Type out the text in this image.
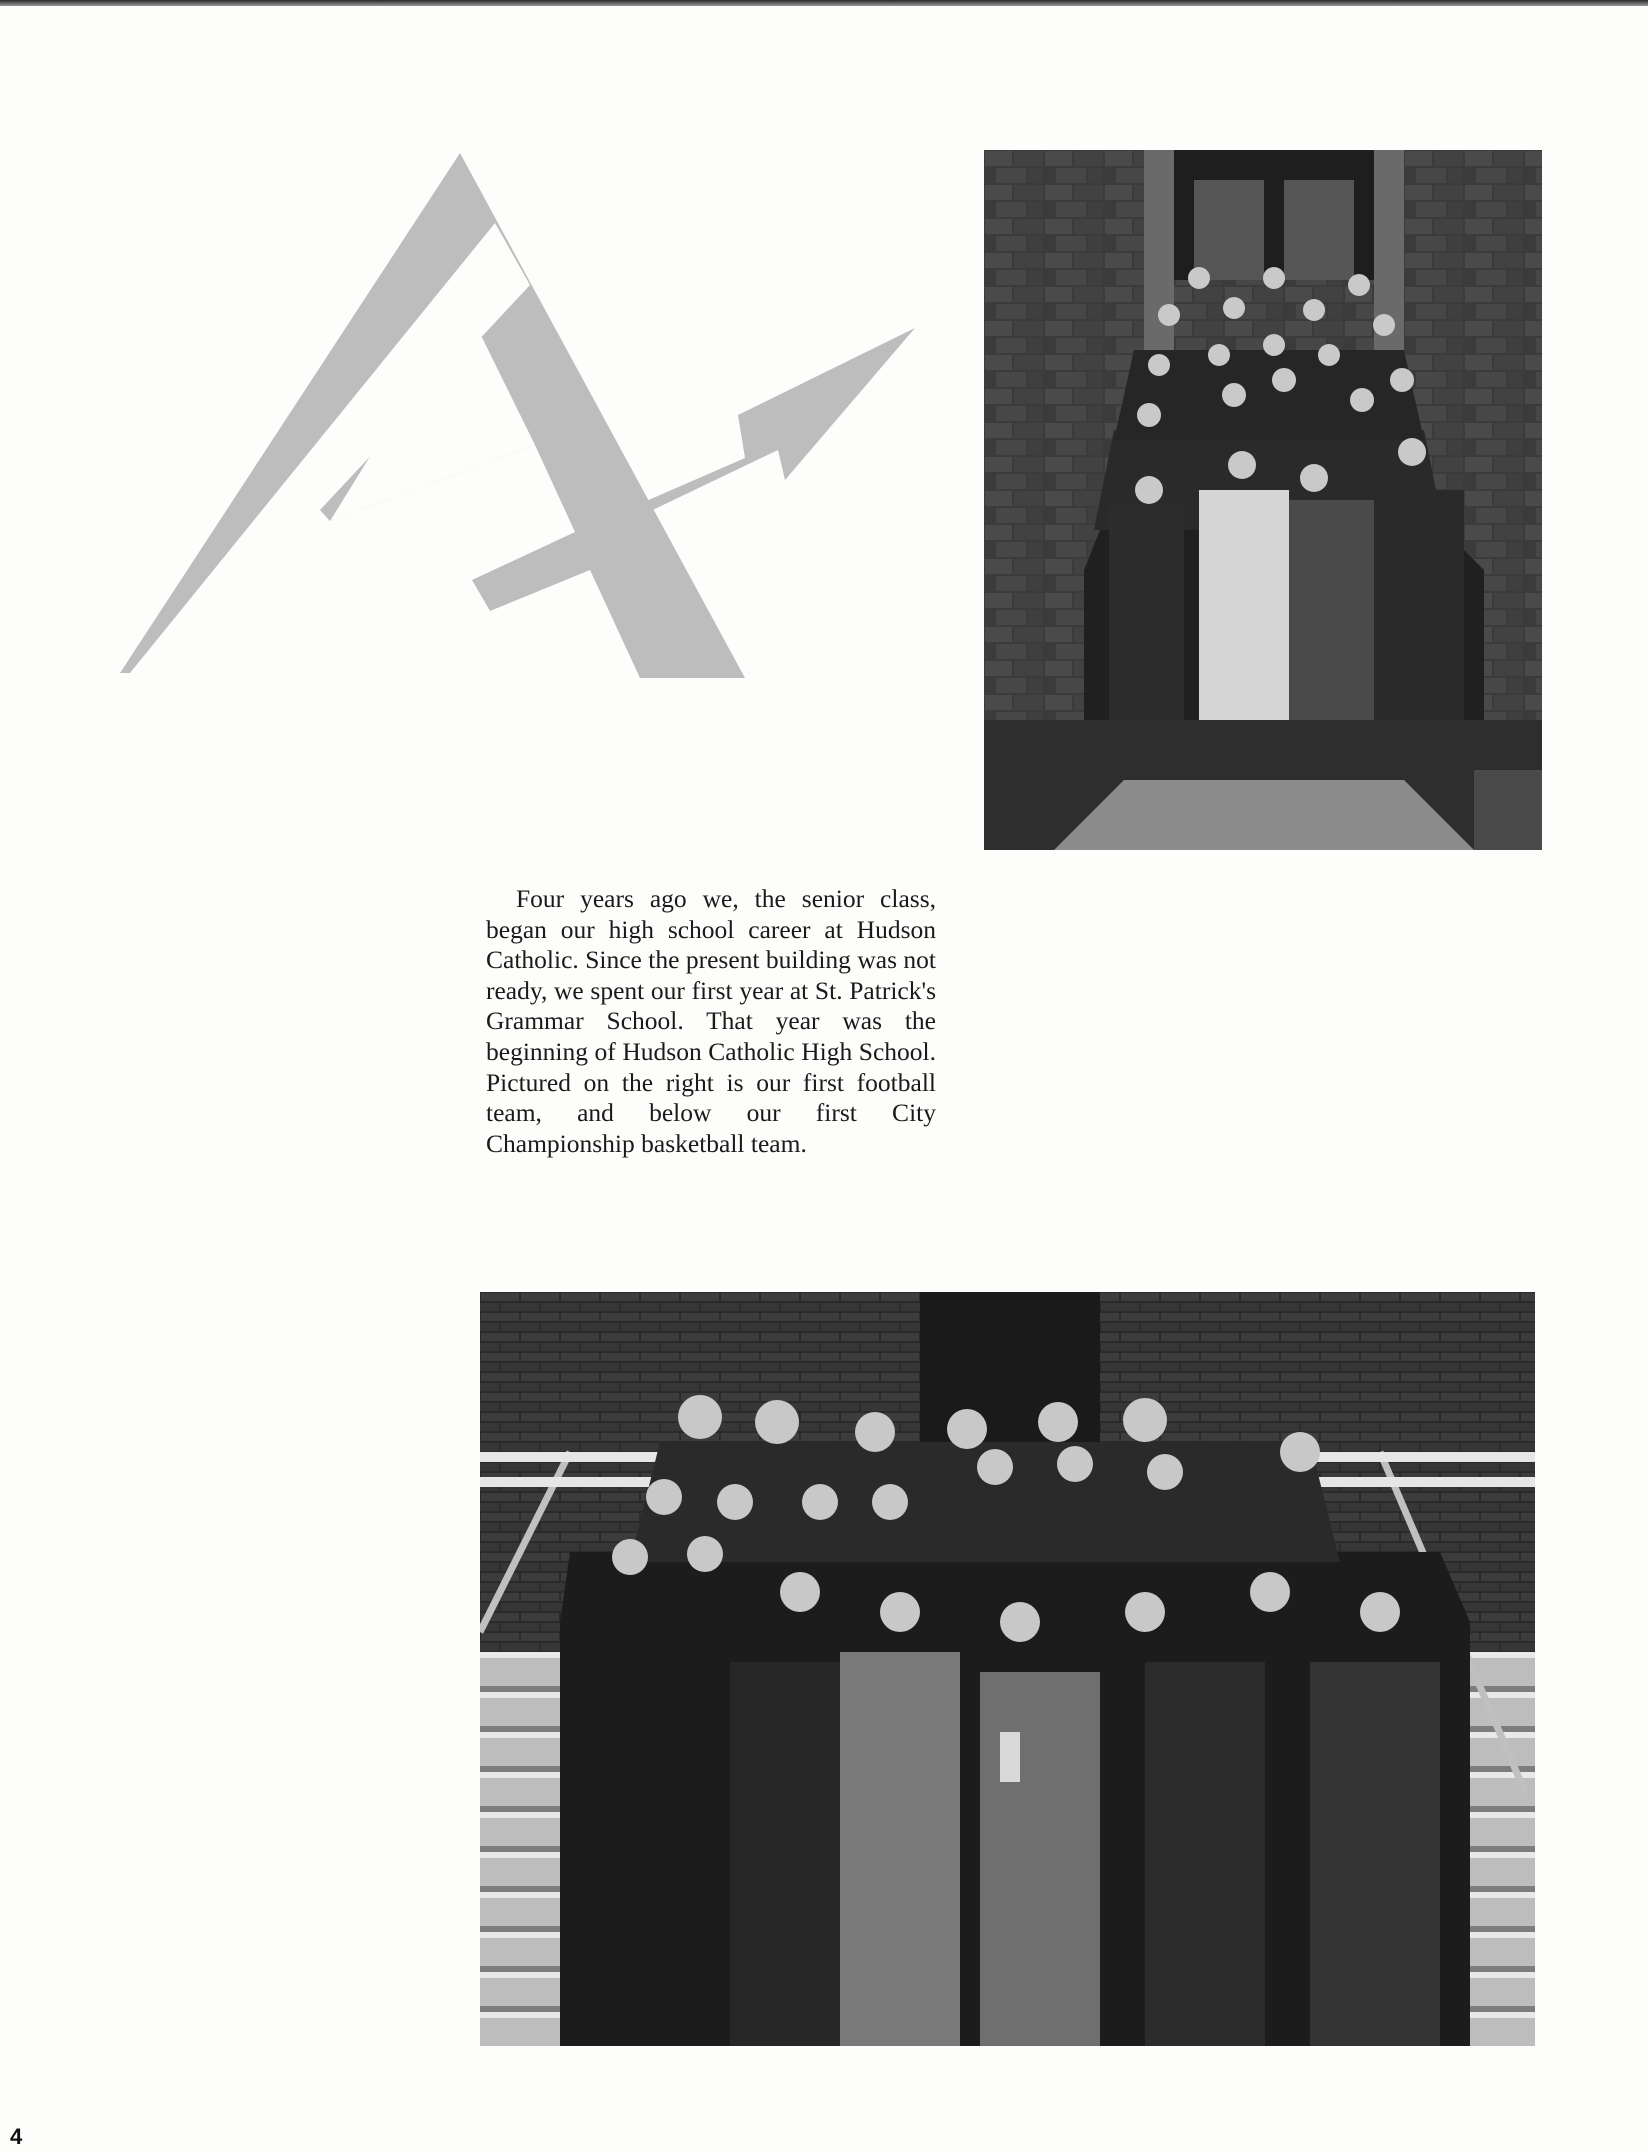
Four years ago we, the senior class, began our high school career at Hudson Catholic. Since the present building was not ready, we spent our first year at St. Patrick's Grammar School. That year was the beginning of Hudson Catholic High School. Pictured on the right is our first football team, and below our first City Championship basketball team.

4
